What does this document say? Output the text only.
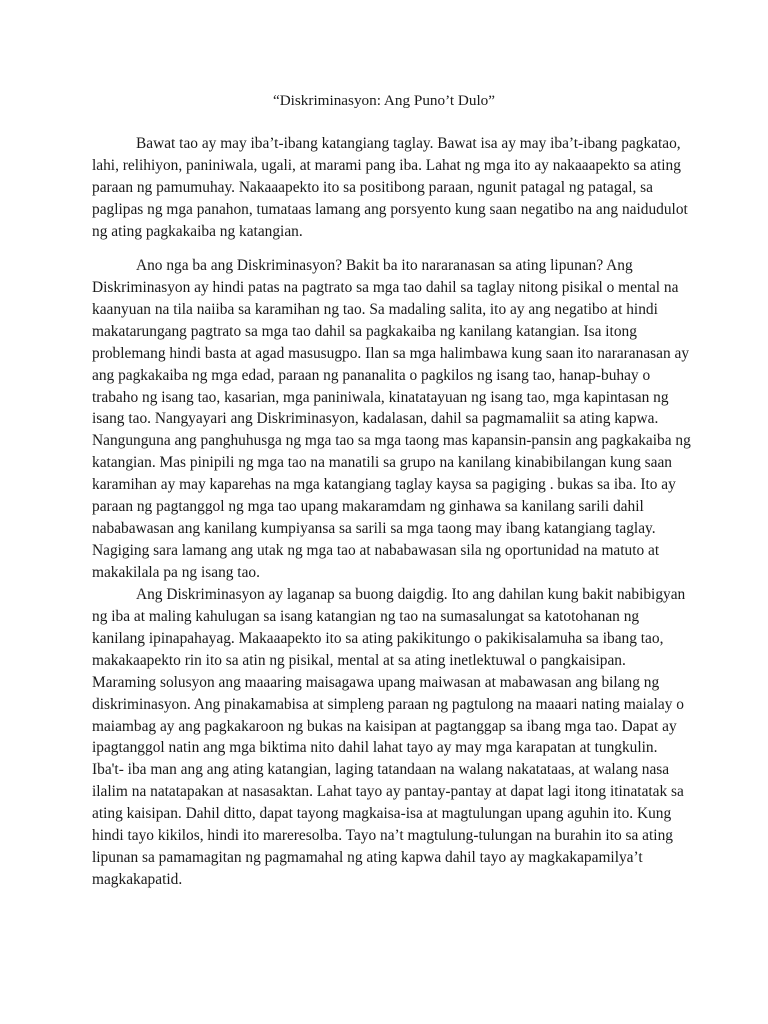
“Diskriminasyon: Ang Puno’t Dulo”
Bawat tao ay may iba’t-ibang katangiang taglay. Bawat isa ay may iba’t-ibang pagkatao,
lahi, relihiyon, paniniwala, ugali, at marami pang iba. Lahat ng mga ito ay nakaaapekto sa ating
paraan ng pamumuhay. Nakaaapekto ito sa positibong paraan, ngunit patagal ng patagal, sa
paglipas ng mga panahon, tumataas lamang ang porsyento kung saan negatibo na ang naidudulot
ng ating pagkakaiba ng katangian.
Ano nga ba ang Diskriminasyon? Bakit ba ito nararanasan sa ating lipunan? Ang
Diskriminasyon ay hindi patas na pagtrato sa mga tao dahil sa taglay nitong pisikal o mental na
kaanyuan na tila naiiba sa karamihan ng tao. Sa madaling salita, ito ay ang negatibo at hindi
makatarungang pagtrato sa mga tao dahil sa pagkakaiba ng kanilang katangian. Isa itong
problemang hindi basta at agad masusugpo. Ilan sa mga halimbawa kung saan ito nararanasan ay
ang pagkakaiba ng mga edad, paraan ng pananalita o pagkilos ng isang tao, hanap-buhay o
trabaho ng isang tao, kasarian, mga paniniwala, kinatatayuan ng isang tao, mga kapintasan ng
isang tao. Nangyayari ang Diskriminasyon, kadalasan, dahil sa pagmamaliit sa ating kapwa.
Nangunguna ang panghuhusga ng mga tao sa mga taong mas kapansin-pansin ang pagkakaiba ng
katangian. Mas pinipili ng mga tao na manatili sa grupo na kanilang kinabibilangan kung saan
karamihan ay may kaparehas na mga katangiang taglay kaysa sa pagiging . bukas sa iba. Ito ay
paraan ng pagtanggol ng mga tao upang makaramdam ng ginhawa sa kanilang sarili dahil
nababawasan ang kanilang kumpiyansa sa sarili sa mga taong may ibang katangiang taglay.
Nagiging sara lamang ang utak ng mga tao at nababawasan sila ng oportunidad na matuto at
makakilala pa ng isang tao.
Ang Diskriminasyon ay laganap sa buong daigdig. Ito ang dahilan kung bakit nabibigyan
ng iba at maling kahulugan sa isang katangian ng tao na sumasalungat sa katotohanan ng
kanilang ipinapahayag. Makaaapekto ito sa ating pakikitungo o pakikisalamuha sa ibang tao,
makakaapekto rin ito sa atin ng pisikal, mental at sa ating inetlektuwal o pangkaisipan.
Maraming solusyon ang maaaring maisagawa upang maiwasan at mabawasan ang bilang ng
diskriminasyon. Ang pinakamabisa at simpleng paraan ng pagtulong na maaari nating maialay o
maiambag ay ang pagkakaroon ng bukas na kaisipan at pagtanggap sa ibang mga tao. Dapat ay
ipagtanggol natin ang mga biktima nito dahil lahat tayo ay may mga karapatan at tungkulin.
Iba't- iba man ang ang ating katangian, laging tatandaan na walang nakatataas, at walang nasa
ilalim na natatapakan at nasasaktan. Lahat tayo ay pantay-pantay at dapat lagi itong itinatatak sa
ating kaisipan. Dahil ditto, dapat tayong magkaisa-isa at magtulungan upang aguhin ito. Kung
hindi tayo kikilos, hindi ito mareresolba. Tayo na’t magtulung-tulungan na burahin ito sa ating
lipunan sa pamamagitan ng pagmamahal ng ating kapwa dahil tayo ay magkakapamilya’t
magkakapatid.
